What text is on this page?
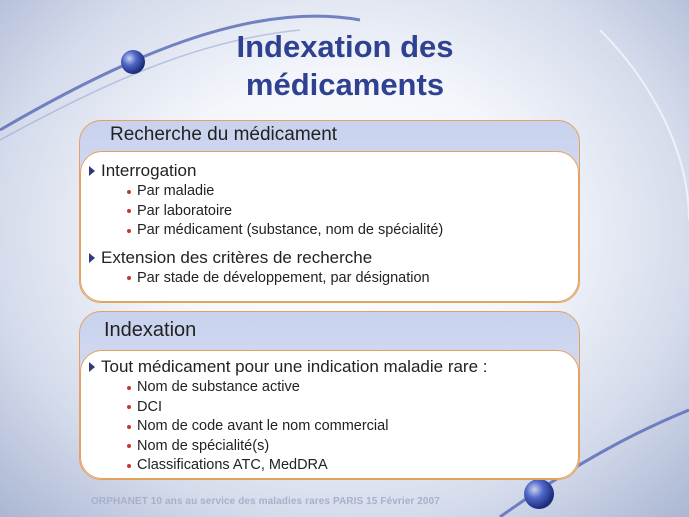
Indexation des
médicaments
Recherche du médicament
Interrogation
Par maladie
Par laboratoire
Par médicament (substance, nom de spécialité)
Extension des critères de recherche
Par stade de développement, par désignation
Indexation
Tout médicament pour une indication maladie rare :
Nom de substance active
DCI
Nom de code avant le nom commercial
Nom de spécialité(s)
Classifications ATC, MedDRA
ORPHANET 10 ans au service des maladies rares PARIS 15 Février 2007
